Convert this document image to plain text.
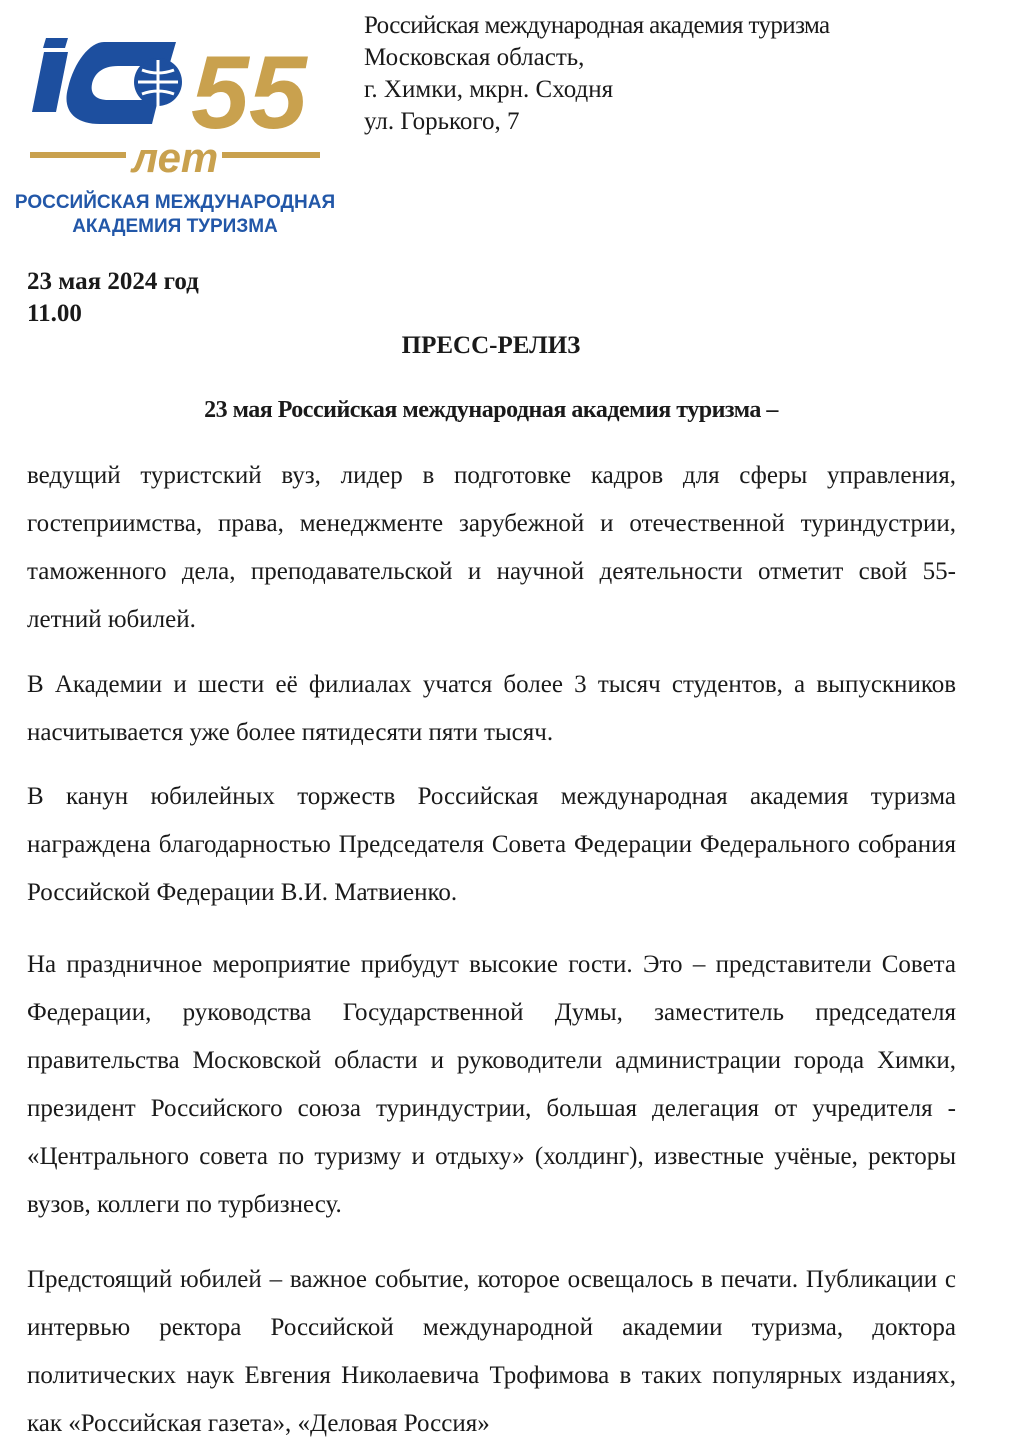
55
лет
РОССИЙСКАЯ МЕЖДУНАРОДНАЯ
АКАДЕМИЯ ТУРИЗМА
Российская международная академия туризма
Московская область,
г. Химки, мкрн. Сходня
ул. Горького, 7
23 мая 2024 год
11.00
ПРЕСС-РЕЛИЗ
23 мая Российская международная академия туризма –

ведущий туристский вуз, лидер в подготовке кадров для сферы управления, гостеприимства, права, менеджменте зарубежной и отечественной туриндустрии, таможенного дела, преподавательской и научной деятельности отметит свой 55-летний юбилей.

В Академии и шести её филиалах учатся более 3 тысяч студентов, а выпускников насчитывается уже более пятидесяти пяти тысяч.

В канун юбилейных торжеств Российская международная академия туризма награждена благодарностью Председателя Совета Федерации Федерального собрания Российской Федерации В.И. Матвиенко.

На праздничное мероприятие прибудут высокие гости. Это – представители Совета Федерации, руководства Государственной Думы, заместитель председателя правительства Московской области и руководители администрации города Химки, президент Российского союза туриндустрии, большая делегация от учредителя - «Центрального совета по туризму и отдыху» (холдинг), известные учёные, ректоры вузов, коллеги по турбизнесу.

Предстоящий юбилей – важное событие, которое освещалось в печати. Публикации с интервью ректора Российской международной академии туризма, доктора политических наук Евгения Николаевича Трофимова в таких популярных изданиях, как «Российская газета», «Деловая Россия»
